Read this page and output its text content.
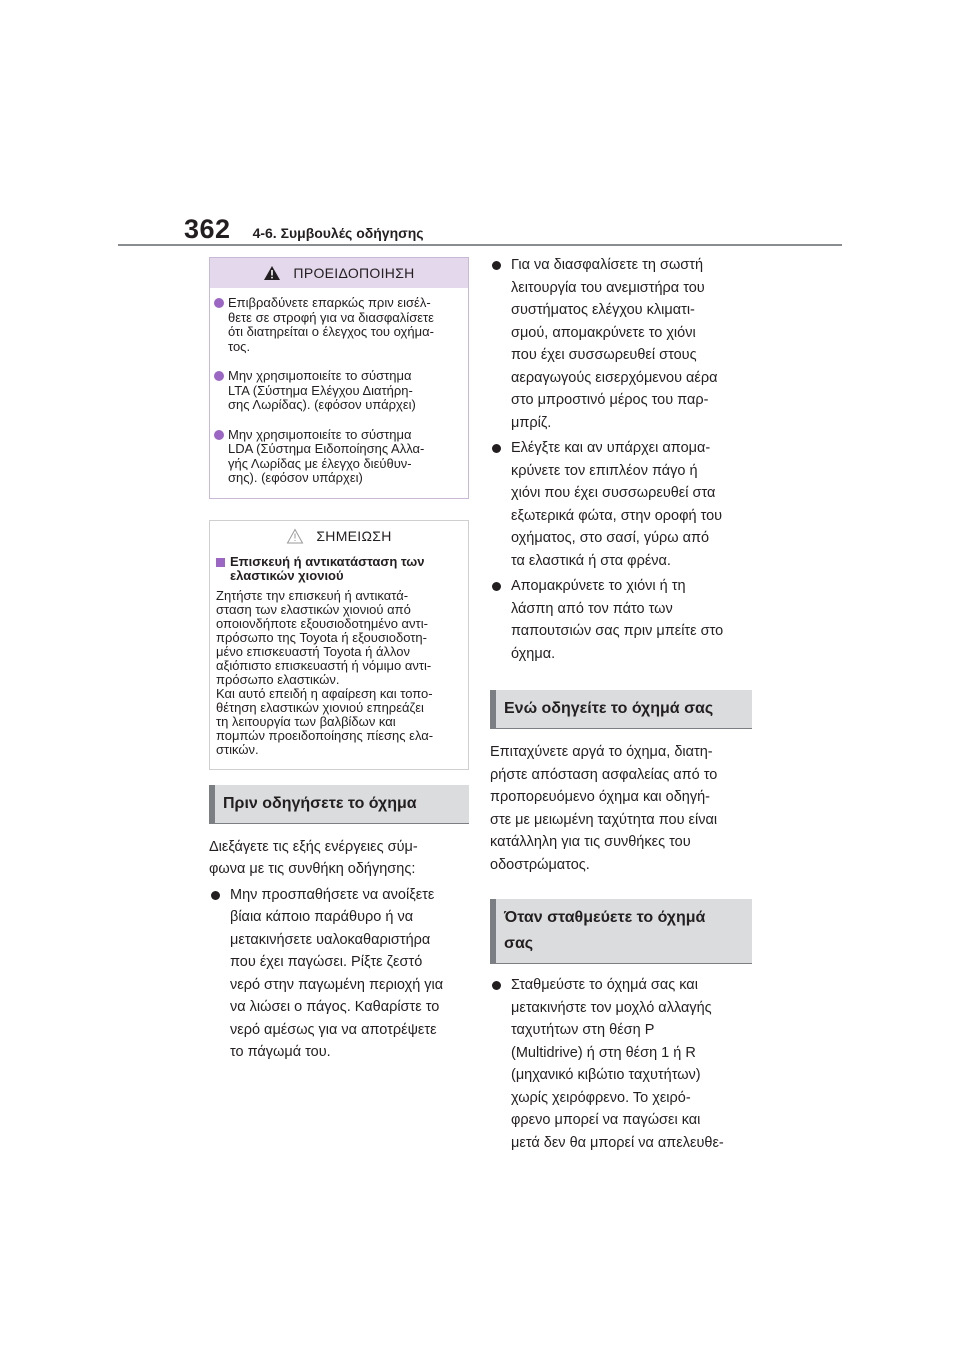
362 4-6. Συμβουλές οδήγησης
ΠΡΟΕΙΔΟΠΟΙΗΣΗ
Επιβραδύνετε επαρκώς πριν εισέλ-
θετε σε στροφή για να διασφαλίσετε
ότι διατηρείται ο έλεγχος του οχήμα-
τος.
Μην χρησιμοποιείτε το σύστημα
LTA (Σύστημα Ελέγχου Διατήρη-
σης Λωρίδας). (εφόσον υπάρχει)
Μην χρησιμοποιείτε το σύστημα
LDA (Σύστημα Ειδοποίησης Αλλα-
γής Λωρίδας με έλεγχο διεύθυν-
σης). (εφόσον υπάρχει)
ΣΗΜΕΙΩΣΗ
Επισκευή ή αντικατάσταση των
ελαστικών χιονιού
Ζητήστε την επισκευή ή αντικατά-
σταση των ελαστικών χιονιού από
οποιονδήποτε εξουσιοδοτημένο αντι-
πρόσωπο της Toyota ή εξουσιοδοτη-
μένο επισκευαστή Toyota ή άλλον
αξιόπιστο επισκευαστή ή νόμιμο αντι-
πρόσωπο ελαστικών.
Και αυτό επειδή η αφαίρεση και τοπο-
θέτηση ελαστικών χιονιού επηρεάζει
τη λειτουργία των βαλβίδων και
πομπών προειδοποίησης πίεσης ελα-
στικών.
Πριν οδηγήσετε το όχημα
Διεξάγετε τις εξής ενέργειες σύμ-
φωνα με τις συνθήκη οδήγησης:
Μην προσπαθήσετε να ανοίξετε
βίαια κάποιο παράθυρο ή να
μετακινήσετε υαλοκαθαριστήρα
που έχει παγώσει. Ρίξτε ζεστό
νερό στην παγωμένη περιοχή για
να λιώσει ο πάγος. Καθαρίστε το
νερό αμέσως για να αποτρέψετε
το πάγωμά του.
Για να διασφαλίσετε τη σωστή
λειτουργία του ανεμιστήρα του
συστήματος ελέγχου κλιματι-
σμού, απομακρύνετε το χιόνι
που έχει συσσωρευθεί στους
αεραγωγούς εισερχόμενου αέρα
στο μπροστινό μέρος του παρ-
μπρίζ.
Ελέγξτε και αν υπάρχει απομα-
κρύνετε τον επιπλέον πάγο ή
χιόνι που έχει συσσωρευθεί στα
εξωτερικά φώτα, στην οροφή του
οχήματος, στο σασί, γύρω από
τα ελαστικά ή στα φρένα.
Απομακρύνετε το χιόνι ή τη
λάσπη από τον πάτο των
παπουτσιών σας πριν μπείτε στο
όχημα.
Ενώ οδηγείτε το όχημά σας
Επιταχύνετε αργά το όχημα, διατη-
ρήστε απόσταση ασφαλείας από το
προπορευόμενο όχημα και οδηγή-
στε με μειωμένη ταχύτητα που είναι
κατάλληλη για τις συνθήκες του
οδοστρώματος.
Όταν σταθμεύετε το όχημά
σας
Σταθμεύστε το όχημά σας και
μετακινήστε τον μοχλό αλλαγής
ταχυτήτων στη θέση P
(Multidrive) ή στη θέση 1 ή R
(μηχανικό κιβώτιο ταχυτήτων)
χωρίς χειρόφρενο. Το χειρό-
φρενο μπορεί να παγώσει και
μετά δεν θα μπορεί να απελευθε-
